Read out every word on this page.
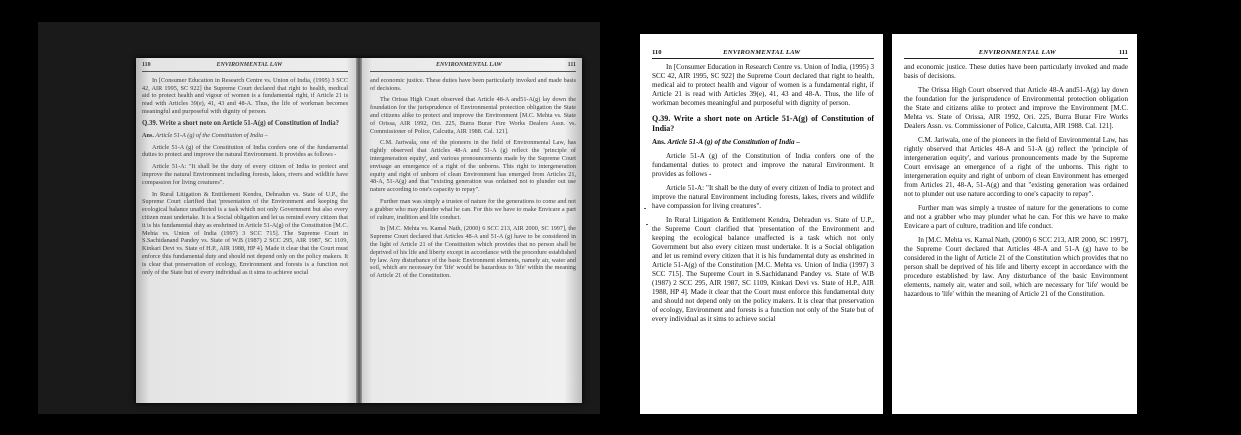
110	ENVIRONMENTAL LAW

In [Consumer Education in Research Centre vs. Union of India, (1995) 3 SCC 42, AIR 1995, SC 922] the Supreme Court declared that right to health, medical aid to protect health and vigour of women is a fundamental right, if Article 21 is read with Articles 39(e), 41, 43 and 48-A. Thus, the life of workman becomes meaningful and purposeful with dignity of person.

Q.39. Write a short note on Article 51-A(g) of Constitution of India?

Ans. Article 51-A (g) of the Constitution of India –

Article 51-A (g) of the Constitution of India confers one of the fundamental duties to protect and improve the natural Environment. It provides as follows -

Article 51-A: "It shall be the duty of every citizen of India to protect and improve the natural Environment including forests, lakes, rivers and wildlife have compassion for living creatures".

In Rural Litigation & Entitlement Kendra, Dehradun vs. State of U.P., the Supreme Court clarified that 'presentation of the Environment and keeping the ecological balance unaffected is a task which not only Government but also every citizen must undertake. It is a Social obligation and let us remind every citizen that it is his fundamental duty as enshrined in Article 51-A(g) of the Constitution [M.C. Mehta vs. Union of India (1997) 3 SCC 715]. The Supreme Court in S.Sachidanand Pandey vs. State of W.B (1987) 2 SCC 295, AIR 1987, SC 1109, Kinkari Devi vs. State of H.P., AIR 1988, HP 4]. Made it clear that the Court must enforce this fundamental duty and should not depend only on the policy makers. It is clear that preservation of ecology, Environment and forests is a function not only of the State but of every individual as it sims to achieve social

ENVIRONMENTAL LAW	111

and economic justice. These duties have been particularly invoked and made basis of decisions.

The Orissa High Court observed that Article 48-A and51-A(g) lay down the foundation for the jurisprudence of Environmental protection obligation the State and citizens alike to protect and improve the Environment [M.C. Mehta vs. State of Orissa, AIR 1992, Ori. 225, Burra Burar Fire Works Dealers Assn. vs. Commissioner of Police, Calcutta, AIR 1988. Cal. 121].

C.M. Jariwala, one of the pioneers in the field of Environmental Law, has rightly observed that Articles 48-A and 51-A (g) reflect the 'principle of intergeneration equity', and various pronouncements made by the Supreme Court envisage an emergence of a right of the unborns. This right to intergeneration equity and right of unborn of clean Environment has emerged from Articles 21, 48-A, 51-A(g) and that "existing generation was ordained not to plunder out use nature according to one's capacity to repay".

Further man was simply a trustee of nature for the generations to come and not a grabber who may plunder what he can. For this we have to make Envicare a part of culture, tradition and life conduct.

In [M.C. Mehta vs. Kamal Nath, (2000) 6 SCC 213, AIR 2000, SC 1997], the Supreme Court declared that Articles 48-A and 51-A (g) have to be considered in the light of Article 21 of the Constitution which provides that no person shall be deprived of his life and liberty except in accordance with the procedure established by law. Any disturbance of the basic Environment elements, namely air, water and soil, which are necessary for 'life' would be hazardous to 'life' within the meaning of Article 21 of the Constitution.

110	ENVIRONMENTAL LAW

In [Consumer Education in Research Centre vs. Union of India, (1995) 3 SCC 42, AIR 1995, SC 922] the Supreme Court declared that right to health, medical aid to protect health and vigour of women is a fundamental right, if Article 21 is read with Articles 39(e), 41, 43 and 48-A. Thus, the life of workman becomes meaningful and purposeful with dignity of person.

Q.39. Write a short note on Article 51-A(g) of Constitution of India?

Ans. Article 51-A (g) of the Constitution of India –

Article 51-A (g) of the Constitution of India confers one of the fundamental duties to protect and improve the natural Environment. It provides as follows -

Article 51-A: "It shall be the duty of every citizen of India to protect and improve the natural Environment including forests, lakes, rivers and wildlife have compassion for living creatures".

In Rural Litigation & Entitlement Kendra, Dehradun vs. State of U.P., the Supreme Court clarified that 'presentation of the Environment and keeping the ecological balance unaffected is a task which not only Government but also every citizen must undertake. It is a Social obligation and let us remind every citizen that it is his fundamental duty as enshrined in Article 51-A(g) of the Constitution [M.C. Mehta vs. Union of India (1997) 3 SCC 715]. The Supreme Court in S.Sachidanand Pandey vs. State of W.B (1987) 2 SCC 295, AIR 1987, SC 1109, Kinkari Devi vs. State of H.P., AIR 1988, HP 4]. Made it clear that the Court must enforce this fundamental duty and should not depend only on the policy makers. It is clear that preservation of ecology, Environment and forests is a function not only of the State but of every individual as it sims to achieve social

ENVIRONMENTAL LAW	111

and economic justice. These duties have been particularly invoked and made basis of decisions.

The Orissa High Court observed that Article 48-A and51-A(g) lay down the foundation for the jurisprudence of Environmental protection obligation the State and citizens alike to protect and improve the Environment [M.C. Mehta vs. State of Orissa, AIR 1992, Ori. 225, Burra Burar Fire Works Dealers Assn. vs. Commissioner of Police, Calcutta, AIR 1988. Cal. 121].

C.M. Jariwala, one of the pioneers in the field of Environmental Law, has rightly observed that Articles 48-A and 51-A (g) reflect the 'principle of intergeneration equity', and various pronouncements made by the Supreme Court envisage an emergence of a right of the unborns. This right to intergeneration equity and right of unborn of clean Environment has emerged from Articles 21, 48-A, 51-A(g) and that "existing generation was ordained not to plunder out use nature according to one's capacity to repay".

Further man was simply a trustee of nature for the generations to come and not a grabber who may plunder what he can. For this we have to make Envicare a part of culture, tradition and life conduct.

In [M.C. Mehta vs. Kamal Nath, (2000) 6 SCC 213, AIR 2000, SC 1997], the Supreme Court declared that Articles 48-A and 51-A (g) have to be considered in the light of Article 21 of the Constitution which provides that no person shall be deprived of his life and liberty except in accordance with the procedure established by law. Any disturbance of the basic Environment elements, namely air, water and soil, which are necessary for 'life' would be hazardous to 'life' within the meaning of Article 21 of the Constitution.
